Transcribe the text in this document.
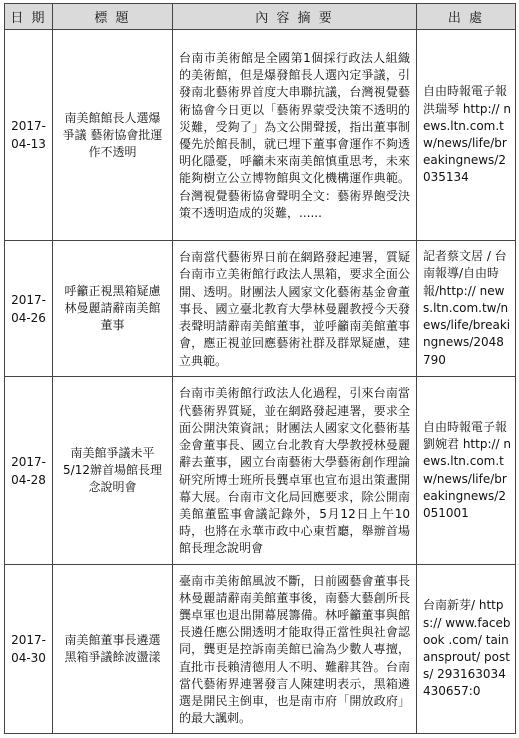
日 期	標 題	內 容 摘 要	出 處
2017-
04-13	南美館館長人選爆爭議 藝術協會批運作不透明	台南市美術館是全國第1個採行政法人組織的美術館，但是爆發館長人選內定爭議，引發南北藝術界首度大串聯抗議，台灣視覺藝術協會今日更以「藝術界蒙受決策不透明的災難，受夠了」為文公開聲援，指出董事制優先於館長制，就已埋下董事會運作不夠透明化隱憂，呼籲未來南美館慎重思考，未來能夠樹立公立博物館與文化機構運作典範。台灣視覺藝術協會聲明全文：藝術界飽受決策不透明造成的災難，......	自由時報電子報洪瑞琴 http:// news.ltn.com.tw/news/life/breakingnews/2035134
2017-
04-26	呼籲正視黑箱疑慮 林曼麗請辭南美館董事	台南當代藝術界日前在網路發起連署，質疑台南市立美術館行政法人黑箱，要求全面公開、透明。財團法人國家文化藝術基金會董事長、國立臺北教育大學林曼麗教授今天發表聲明請辭南美館董事，並呼籲南美館董事會，應正視並回應藝術社群及群眾疑慮，建立典範。	記者蔡文居 / 台南報導/自由時報/http:// news.ltn.com.tw/news/life/breakingnews/2048790
2017-
04-28	南美館爭議未平 5/12辦首場館長理念說明會	台南市美術館行政法人化過程，引來台南當代藝術界質疑，並在網路發起連署，要求全面公開決策資訊；財團法人國家文化藝術基金會董事長、國立台北教育大學教授林曼麗辭去董事，國立台南藝術大學藝術創作理論研究所博士班所長龔卓軍也宣布退出策畫開幕大展。台南市文化局回應要求，除公開南美館董監事會議記錄外，5月12日上午10時，也將在永華市政中心東哲廳，舉辦首場館長理念說明會	自由時報電子報劉婉君 http:// news.ltn.com.tw/news/life/breakingnews/2051001
2017-
04-30	南美館董事長遴選黑箱爭議餘波盪漾	臺南市美術館風波不斷，日前國藝會董事長林曼麗請辭南美館董事後，南藝大藝創所長龔卓軍也退出開幕展籌備。林呼籲董事與館長遴任應公開透明才能取得正當性與社會認同，龔更是控訴南美館已淪為少數人專擅，直批市長賴清德用人不明、難辭其咎。台南當代藝術界連署發言人陳建明表示，黑箱遴選是開民主倒車，也是南市府「開放政府」的最大諷刺。	台南新芽/ https:// www.facebook .com/ tainansprout/ posts/ 293163034430657:0
